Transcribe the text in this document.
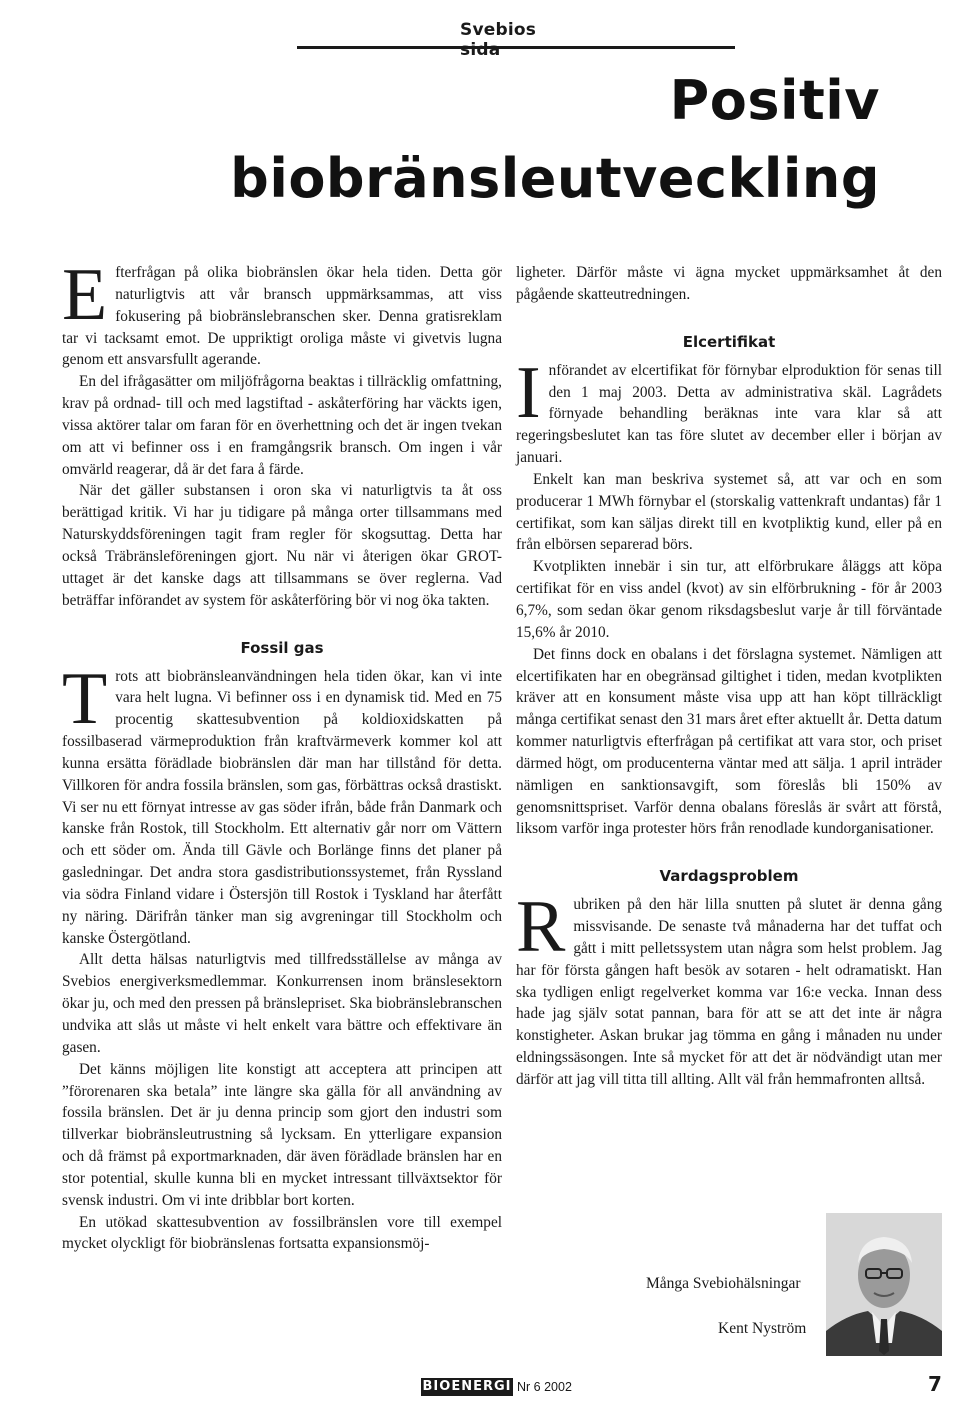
Svebios sida
Positiv
biobränsleutveckling

Efterfrågan på olika biobränslen ökar hela tiden. Detta gör naturligtvis att vår bransch uppmärksammas, att viss fokusering på biobränslebranschen sker. Denna gratisreklam tar vi tacksamt emot. De uppriktigt oroliga måste vi givetvis lugna genom ett ansvarsfullt agerande.

En del ifrågasätter om miljöfrågorna beaktas i tillräcklig omfattning, krav på ordnad- till och med lagstiftad - askåterföring har väckts igen, vissa aktörer talar om faran för en överhettning och det är ingen tvekan om att vi befinner oss i en framgångsrik bransch. Om ingen i vår omvärld reagerar, då är det fara å färde.

När det gäller substansen i oron ska vi naturligtvis ta åt oss berättigad kritik. Vi har ju tidigare på många orter tillsammans med Naturskyddsföreningen tagit fram regler för skogsuttag. Detta har också Träbränsleföreningen gjort. Nu när vi återigen ökar GROT- uttaget är det kanske dags att tillsammans se över reglerna. Vad beträffar införandet av system för askåterföring bör vi nog öka takten.

Fossil gas

Trots att biobränsleanvändningen hela tiden ökar, kan vi inte vara helt lugna. Vi befinner oss i en dynamisk tid. Med en 75 procentig skattesubvention på koldioxidskatten på fossilbaserad värmeproduktion från kraftvärmeverk kommer kol att kunna ersätta förädlade biobränslen där man har tillstånd för detta. Villkoren för andra fossila bränslen, som gas, förbättras också drastiskt. Vi ser nu ett förnyat intresse av gas söder ifrån, både från Danmark och kanske från Rostok, till Stockholm. Ett alternativ går norr om Vättern och ett söder om. Ända till Gävle och Borlänge finns det planer på gasledningar. Det andra stora gasdistributionssystemet, från Ryssland via södra Finland vidare i Östersjön till Rostok i Tyskland har återfått ny näring. Därifrån tänker man sig avgreningar till Stockholm och kanske Östergötland.

Allt detta hälsas naturligtvis med tillfredsställelse av många av Svebios energiverksmedlemmar. Konkurrensen inom bränslesektorn ökar ju, och med den pressen på bränslepriset. Ska biobränslebranschen undvika att slås ut måste vi helt enkelt vara bättre och effektivare än gasen.

Det känns möjligen lite konstigt att acceptera att principen att ”förorenaren ska betala” inte längre ska gälla för all användning av fossila bränslen. Det är ju denna princip som gjort den industri som tillverkar biobränsleutrustning så lycksam. En ytterligare expansion och då främst på exportmarknaden, där även förädlade bränslen har en stor potential, skulle kunna bli en mycket intressant tillväxtsektor för svensk industri. Om vi inte dribblar bort korten.

En utökad skattesubvention av fossilbränslen vore till exempel mycket olyckligt för biobränslenas fortsatta expansionsmöj-

ligheter. Därför måste vi ägna mycket uppmärksamhet åt den pågående skatteutredningen.

Elcertifikat

Införandet av elcertifikat för förnybar elproduktion för senas till den 1 maj 2003. Detta av administrativa skäl. Lagrådets förnyade behandling beräknas inte vara klar så att regeringsbeslutet kan tas före slutet av december eller i början av januari.

Enkelt kan man beskriva systemet så, att var och en som producerar 1 MWh förnybar el (storskalig vattenkraft undantas) får 1 certifikat, som kan säljas direkt till en kvotpliktig kund, eller på en från elbörsen separerad börs.

Kvotplikten innebär i sin tur, att elförbrukare åläggs att köpa certifikat för en viss andel (kvot) av sin elförbrukning - för år 2003 6,7%, som sedan ökar genom riksdagsbeslut varje år till förväntade 15,6% år 2010.

Det finns dock en obalans i det förslagna systemet. Nämligen att elcertifikaten har en obegränsad giltighet i tiden, medan kvotplikten kräver att en konsument måste visa upp att han köpt tillräckligt många certifikat senast den 31 mars året efter aktuellt år. Detta datum kommer naturligtvis efterfrågan på certifikat att vara stor, och priset därmed högt, om producenterna väntar med att sälja. 1 april inträder nämligen en sanktionsavgift, som föreslås bli 150% av genomsnittspriset. Varför denna obalans föreslås är svårt att förstå, liksom varför inga protester hörs från renodlade kundorganisationer.

Vardagsproblem

Rubriken på den här lilla snutten på slutet är denna gång missvisande. De senaste två månaderna har det tuffat och gått i mitt pelletssystem utan några som helst problem. Jag har för första gången haft besök av sotaren - helt odramatiskt. Han ska tydligen enligt regelverket komma var 16:e vecka. Innan dess hade jag själv sotat pannan, bara för att se att det inte är några konstigheter. Askan brukar jag tömma en gång i månaden nu under eldningssäsongen. Inte så mycket för att det är nödvändigt utan mer därför att jag vill titta till allting. Allt väl från hemmafronten alltså.

Många Svebiohälsningar
Kent Nyström
BIOENERGI Nr 6 2002	7
